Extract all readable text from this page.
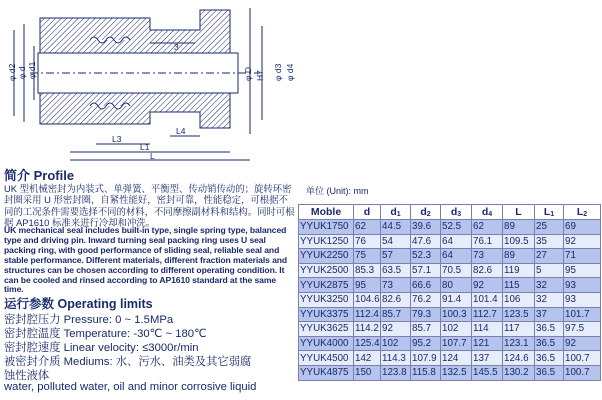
φ d2 φ d φ d1	φ D H7 φ d3 φ d4
3
L3
L4
L1
L
简介 Profile
UK 型机械密封为内装式、单弹簧、平衡型、传动销传动的；旋转环密封圈采用 U 形密封圈，自紧性能好，密封可靠，性能稳定，可根据不同的工况条件需要选择不同的材料，不同摩擦副材料和结构。同时可根据 AP1610 标准来进行冷却和冲洗。
UK mechanical seal includes built-in type, single spring type, balanced type and driving pin. Inward turning seal packing ring uses U seal packing ring, with good performance of sliding seal, reliable seal and stable performance. Different materials, different fraction materials and structures can be chosen according to different operating condition. It can be cooled and rinsed according to AP1610 standard at the same time.
运行参数 Operating limits
密封腔压力 Pressure: 0 ~ 1.5MPa
密封腔温度 Temperature: -30℃ ~ 180℃
密封腔速度 Linear velocity: ≤3000r/min
被密封介质 Mediums: 水、污水、油类及其它弱腐
蚀性液体
water, polluted water, oil and minor corrosive liquid
单位 (Unit): mm
Moble	d	$d_1$	$d_2$	$d_3$	$d_4$	L	$L_1$	$L_2$
YYUK1750	62	44.5	39.6	52.5	62	89	25	69
YYUK1250	76	54	47.6	64	76.1	109.5	35	92
YYUK2250	75	57	52.3	64	73	89	27	71
YYUK2500	85.3	63.5	57.1	70.5	82.6	119	5	95
YYUK2875	95	73	66.6	80	92	115	32	93
YYUK3250	104.6	82.6	76.2	91.4	101.4	106	32	93
YYUK3375	112.4	85.7	79.3	100.3	112.7	123.5	37	101.7
YYUK3625	114.2	92	85.7	102	114	117	36.5	97.5
YYUK4000	125.4	102	95.2	107.7	121	123.1	36.5	92
YYUK4500	142	114.3	107.9	124	137	124.6	36.5	100.7
YYUK4875	150	123.8	115.8	132.5	145.5	130.2	36.5	100.7
